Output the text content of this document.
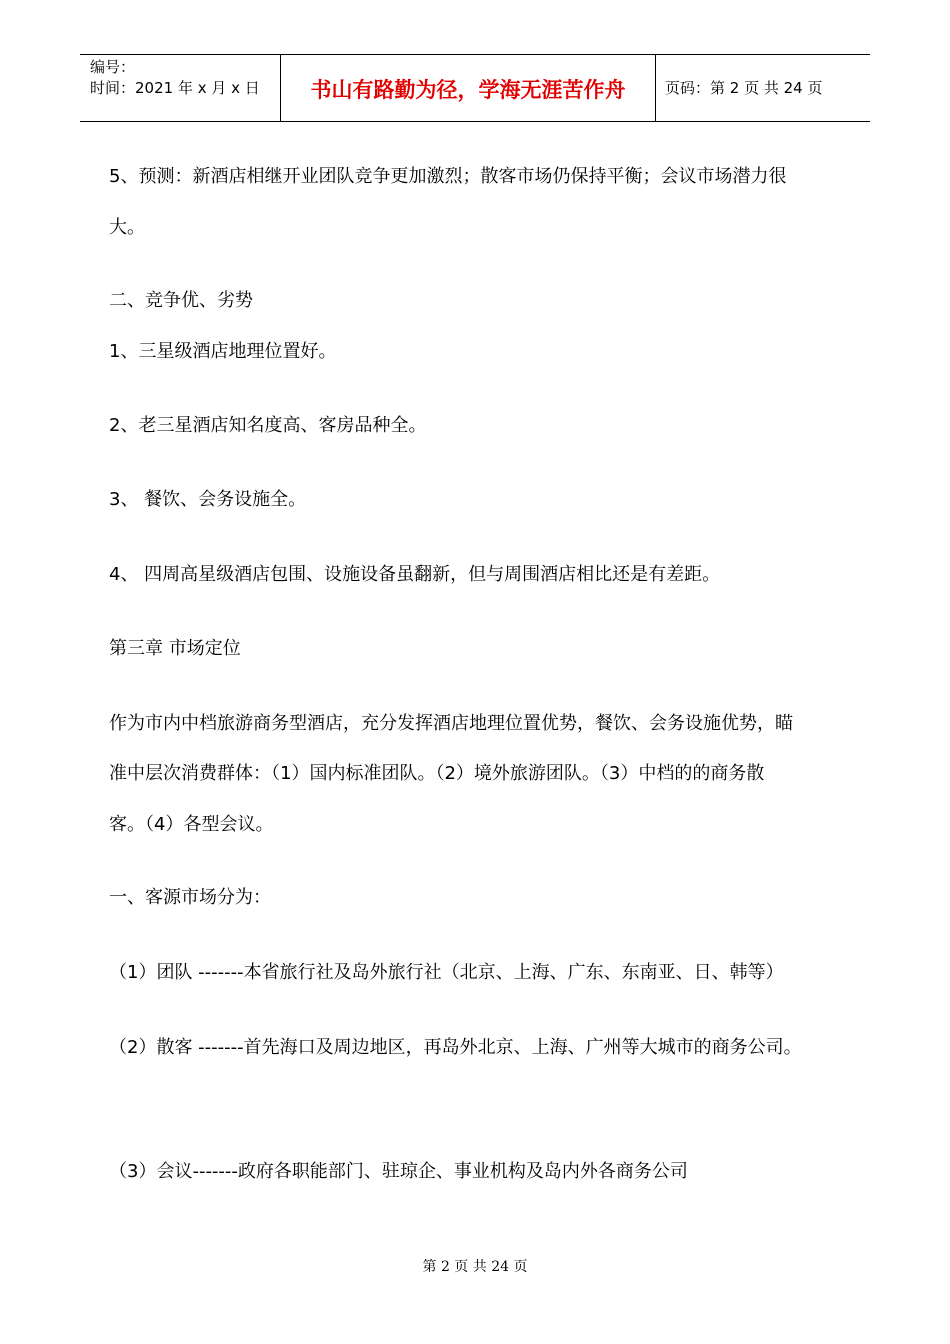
编号：
时间：2021 年 x 月 x 日	书山有路勤为径，学海无涯苦作舟	页码：第 2 页 共 24 页
5、预测：新酒店相继开业团队竞争更加激烈；散客市场仍保持平衡；会议市场潜力很
大。
二、竞争优、劣势
1、三星级酒店地理位置好。
2、老三星酒店知名度高、客房品种全。
3、 餐饮、会务设施全。
4、 四周高星级酒店包围、设施设备虽翻新，但与周围酒店相比还是有差距。
第三章 市场定位
作为市内中档旅游商务型酒店，充分发挥酒店地理位置优势，餐饮、会务设施优势，瞄
准中层次消费群体：（1）国内标准团队。（2）境外旅游团队。（3）中档的的商务散
客。（4）各型会议。
一、客源市场分为：
（1）团队 -------本省旅行社及岛外旅行社（北京、上海、广东、东南亚、日、韩等）
（2）散客 -------首先海口及周边地区，再岛外北京、上海、广州等大城市的商务公司。
（3）会议-------政府各职能部门、驻琼企、事业机构及岛内外各商务公司
第 2 页 共 24 页
